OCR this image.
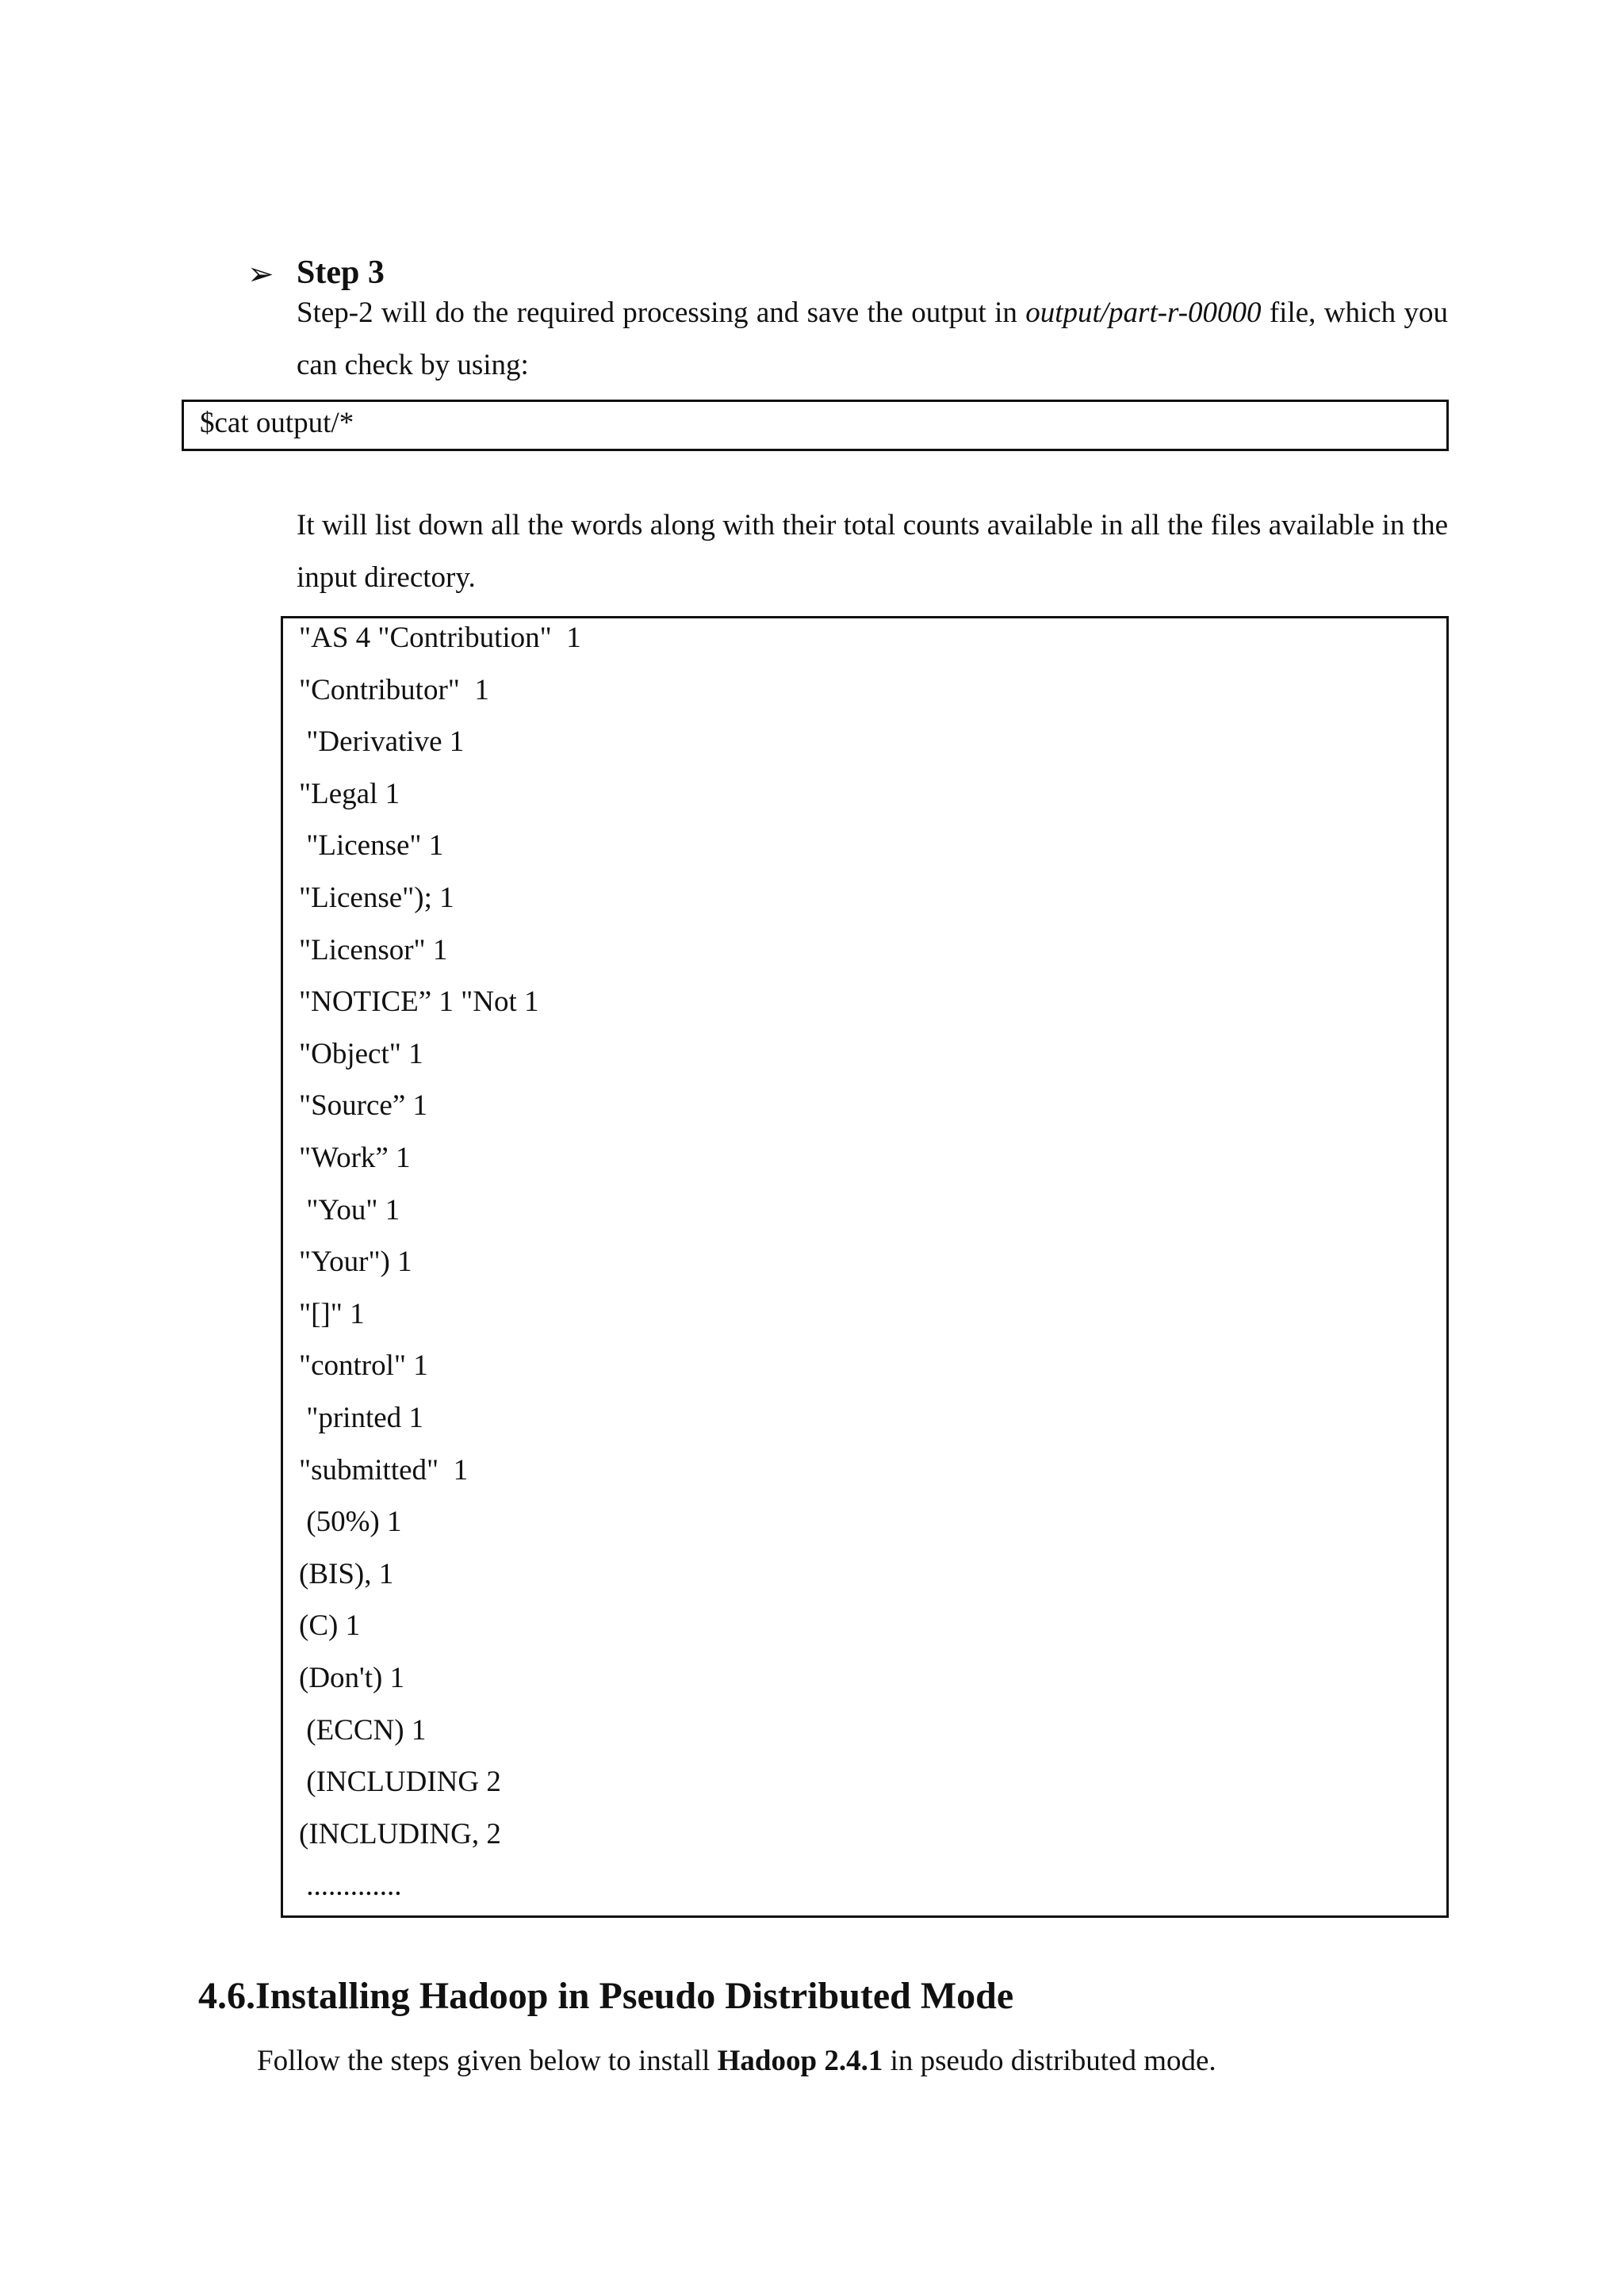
➢ Step 3
Step-2 will do the required processing and save the output in output/part-r-00000 file, which you can check by using:
$cat output/*
It will list down all the words along with their total counts available in all the files available in the input directory.
"AS 4 "Contribution"  1
"Contributor"  1
"Derivative 1
"Legal 1
"License" 1
"License"); 1
"Licensor" 1
"NOTICE” 1 "Not 1
"Object" 1
"Source” 1
"Work” 1
"You" 1
"Your") 1
"[]" 1
"control" 1
"printed 1
"submitted"  1
(50%) 1
(BIS), 1
(C) 1
(Don't) 1
(ECCN) 1
(INCLUDING 2
(INCLUDING, 2
.............
4.6.Installing Hadoop in Pseudo Distributed Mode
Follow the steps given below to install Hadoop 2.4.1 in pseudo distributed mode.
